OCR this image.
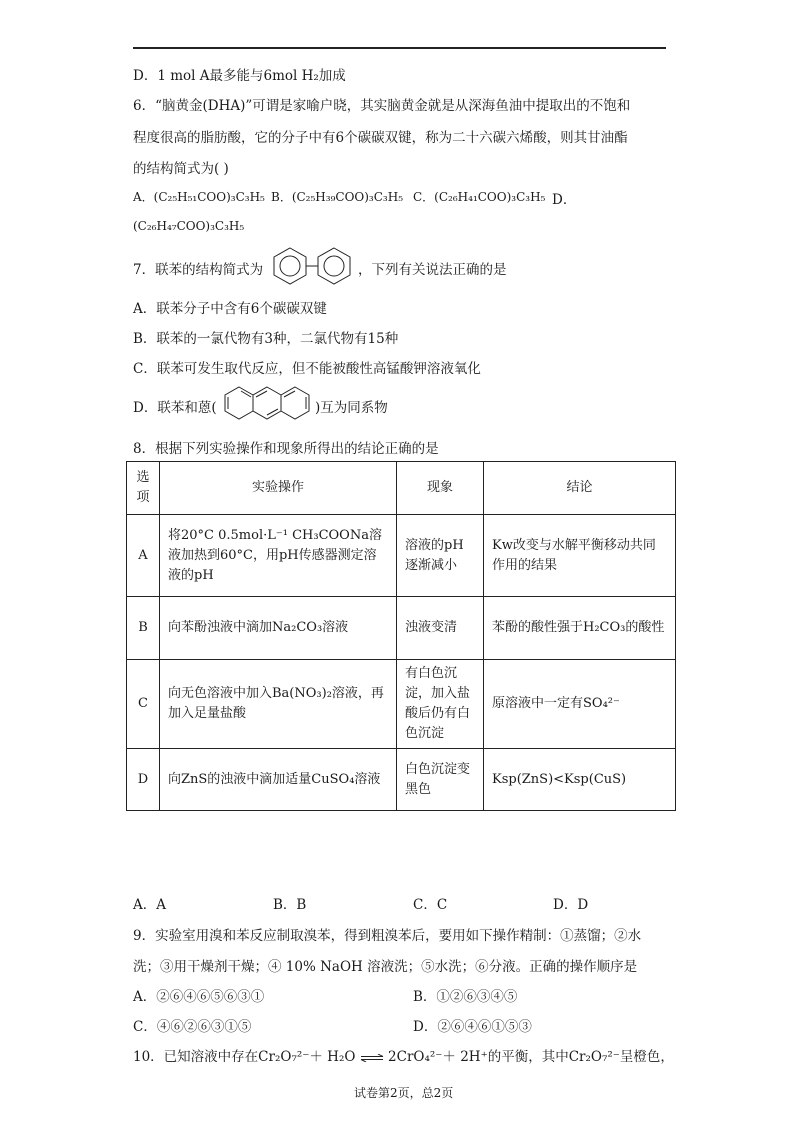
D．1 mol A最多能与6mol H₂加成
6．“脑黄金(DHA)”可谓是家喻户晓，其实脑黄金就是从深海鱼油中提取出的不饱和
程度很高的脂肪酸，它的分子中有6个碳碳双键，称为二十六碳六烯酸，则其甘油酯
的结构简式为( )
A．(C₂₅H₅₁COO)₃C₃H₅ B．(C₂₅H₃₉COO)₃C₃H₅ C．(C₂₆H₄₁COO)₃C₃H₅ D．
(C₂₆H₄₇COO)₃C₃H₅
7．联苯的结构简式为	，下列有关说法正确的是
A．联苯分子中含有6个碳碳双键
B．联苯的一氯代物有3种，二氯代物有15种
C．联苯可发生取代反应，但不能被酸性高锰酸钾溶液氧化
D．联苯和蒽(	)互为同系物
8．根据下列实验操作和现象所得出的结论正确的是
选项	实验操作	现象	结论
A	将20°C 0.5mol·L⁻¹ CH₃COONa溶液加热到60°C，用pH传感器测定溶液的pH	溶液的pH逐渐减小	Kw改变与水解平衡移动共同作用的结果
B	向苯酚浊液中滴加Na₂CO₃溶液	浊液变清	苯酚的酸性强于H₂CO₃的酸性
C	向无色溶液中加入Ba(NO₃)₂溶液，再加入足量盐酸	有白色沉淀，加入盐酸后仍有白色沉淀	原溶液中一定有SO₄²⁻
D	向ZnS的浊液中滴加适量CuSO₄溶液	白色沉淀变黑色	Ksp(ZnS)<Ksp(CuS)
A．A	B．B	C．C	D．D
9．实验室用溴和苯反应制取溴苯，得到粗溴苯后，要用如下操作精制：①蒸馏；②水
洗；③用干燥剂干燥；④ 10% NaOH 溶液洗；⑤水洗；⑥分液。正确的操作顺序是
A．②⑥④⑥⑤⑥③①	B．①②⑥③④⑤
C．④⑥②⑥③①⑤	D．②⑥④⑥①⑤③
10．已知溶液中存在Cr₂O₇²⁻＋ H₂O ⇌ 2CrO₄²⁻＋ 2H⁺的平衡，其中Cr₂O₇²⁻呈橙色，
试卷第2页，总2页
